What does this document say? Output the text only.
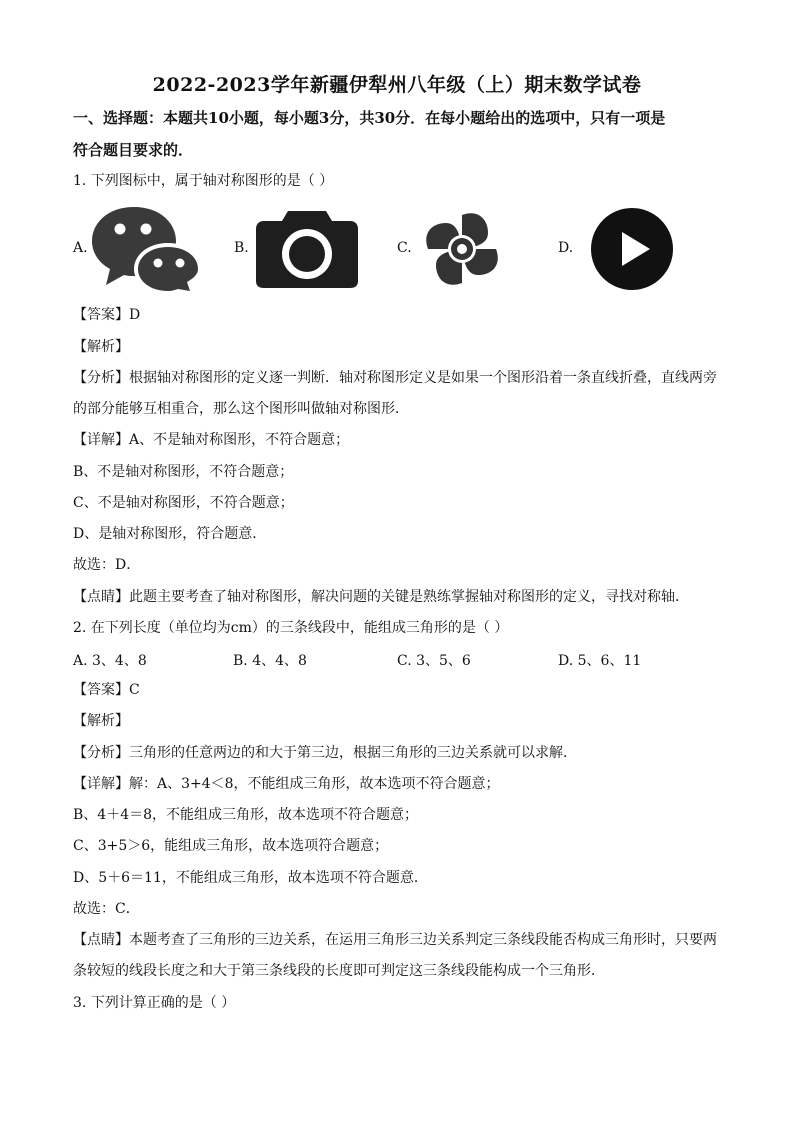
2022-2023学年新疆伊犁州八年级（上）期末数学试卷
一、选择题：本题共10小题，每小题3分，共30分．在每小题给出的选项中，只有一项是
符合题目要求的．
1. 下列图标中，属于轴对称图形的是（ ）
A.	B.	C.	D.
【答案】D
【解析】
【分析】根据轴对称图形的定义逐一判断．轴对称图形定义是如果一个图形沿着一条直线折叠，直线两旁
的部分能够互相重合，那么这个图形叫做轴对称图形．
【详解】A、不是轴对称图形，不符合题意；
B、不是轴对称图形，不符合题意；
C、不是轴对称图形，不符合题意；
D、是轴对称图形，符合题意．
故选：D．
【点睛】此题主要考查了轴对称图形，解决问题的关键是熟练掌握轴对称图形的定义，寻找对称轴．
2. 在下列长度（单位均为cm）的三条线段中，能组成三角形的是（ ）
A. 3、4、8	B. 4、4、8	C. 3、5、6	D. 5、6、11
【答案】C
【解析】
【分析】三角形的任意两边的和大于第三边，根据三角形的三边关系就可以求解．
【详解】解：A、3+4＜8，不能组成三角形，故本选项不符合题意；
B、4＋4＝8，不能组成三角形，故本选项不符合题意；
C、3+5＞6，能组成三角形，故本选项符合题意；
D、5＋6＝11，不能组成三角形，故本选项不符合题意．
故选：C．
【点睛】本题考查了三角形的三边关系，在运用三角形三边关系判定三条线段能否构成三角形时，只要两
条较短的线段长度之和大于第三条线段的长度即可判定这三条线段能构成一个三角形．
3. 下列计算正确的是（ ）
